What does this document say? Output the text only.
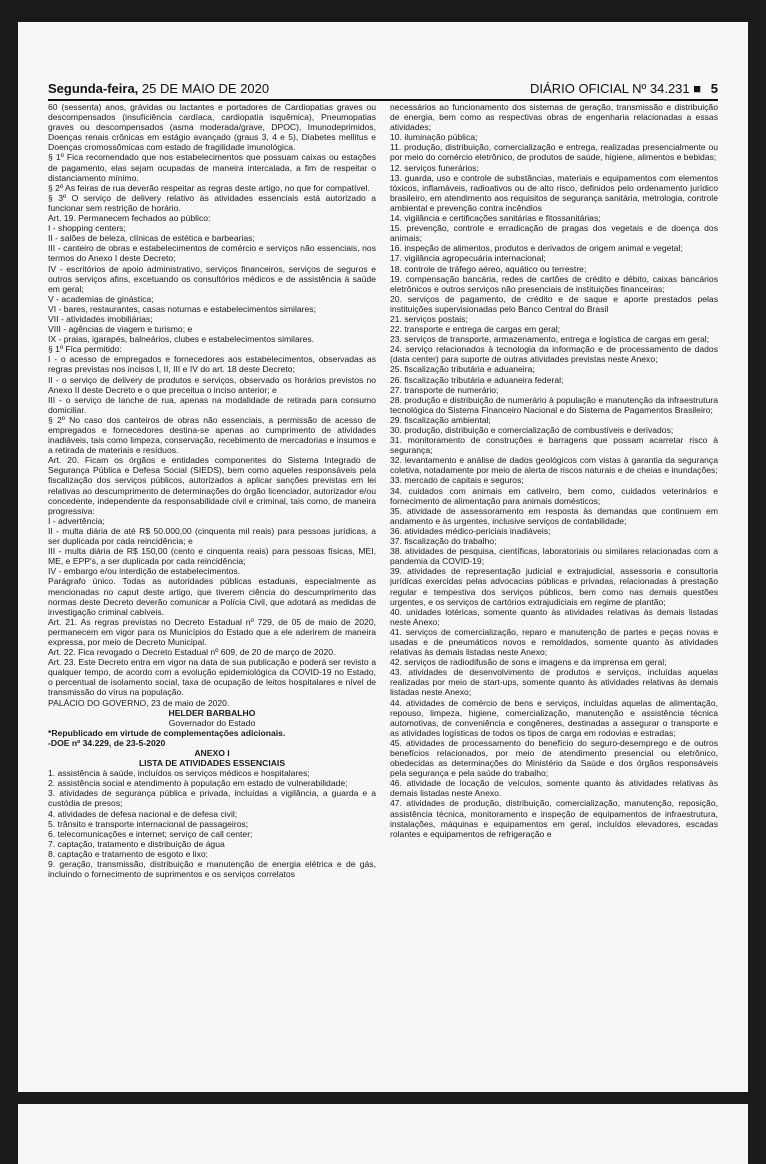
Segunda-feira, 25 DE MAIO DE 2020	DIÁRIO OFICIAL Nº 34.231 ■ 5

60 (sessenta) anos, grávidas ou lactantes e portadores de Cardiopatias graves ou descompensados (insuficiência cardíaca, cardiopatia isquêmica), Pneumopatias graves ou descompensados (asma moderada/grave, DPOC), Imunodeprimidos, Doenças renais crônicas em estágio avançado (graus 3, 4 e 5), Diabetes mellitus e Doenças cromossômicas com estado de fragilidade imunológica.

§ 1º Fica recomendado que nos estabelecimentos que possuam caixas ou estações de pagamento, elas sejam ocupadas de maneira intercalada, a fim de respeitar o distanciamento mínimo.

§ 2º As feiras de rua deverão respeitar as regras deste artigo, no que for compatível.

§ 3º O serviço de delivery relativo às atividades essenciais está autorizado a funcionar sem restrição de horário.

Art. 19. Permanecem fechados ao público:

I - shopping centers;

II - salões de beleza, clínicas de estética e barbearias;

III - canteiro de obras e estabelecimentos de comércio e serviços não essenciais, nos termos do Anexo I deste Decreto;

IV - escritórios de apoio administrativo, serviços financeiros, serviços de seguros e outros serviços afins, excetuando os consultórios médicos e de assistência à saúde em geral;

V - academias de ginástica;

VI - bares, restaurantes, casas noturnas e estabelecimentos similares;

VII - atividades imobiliárias;

VIII - agências de viagem e turismo; e

IX - praias, igarapés, balneários, clubes e estabelecimentos similares.

§ 1º Fica permitido:

I - o acesso de empregados e fornecedores aos estabelecimentos, observadas as regras previstas nos incisos I, II, III e IV do art. 18 deste Decreto;

II - o serviço de delivery de produtos e serviços, observado os horários previstos no Anexo II deste Decreto e o que preceitua o inciso anterior; e

III - o serviço de lanche de rua, apenas na modalidade de retirada para consumo domiciliar.

§ 2º No caso dos canteiros de obras não essenciais, a permissão de acesso de empregados e fornecedores destina-se apenas ao cumprimento de atividades inadiáveis, tais como limpeza, conservação, recebimento de mercadorias e insumos e a retirada de materiais e resíduos.

Art. 20. Ficam os órgãos e entidades componentes do Sistema Integrado de Segurança Pública e Defesa Social (SIEDS), bem como aqueles responsáveis pela fiscalização dos serviços públicos, autorizados a aplicar sanções previstas em lei relativas ao descumprimento de determinações do órgão licenciador, autorizador e/ou concedente, independente da responsabilidade civil e criminal, tais como, de maneira progressiva:

I - advertência;

II - multa diária de até R$ 50.000,00 (cinquenta mil reais) para pessoas jurídicas, a ser duplicada por cada reincidência; e

III - multa diária de R$ 150,00 (cento e cinquenta reais) para pessoas físicas, MEI, ME, e EPP's, a ser duplicada por cada reincidência;

IV - embargo e/ou interdição de estabelecimentos.

Parágrafo único. Todas as autoridades públicas estaduais, especialmente as mencionadas no caput deste artigo, que tiverem ciência do descumprimento das normas deste Decreto deverão comunicar a Polícia Civil, que adotará as medidas de investigação criminal cabíveis.

Art. 21. As regras previstas no Decreto Estadual nº 729, de 05 de maio de 2020, permanecem em vigor para os Municípios do Estado que a ele aderirem de maneira expressa, por meio de Decreto Municipal.

Art. 22. Fica revogado o Decreto Estadual nº 609, de 20 de março de 2020.

Art. 23. Este Decreto entra em vigor na data de sua publicação e poderá ser revisto a qualquer tempo, de acordo com a evolução epidemiológica da COVID-19 no Estado, o percentual de isolamento social, taxa de ocupação de leitos hospitalares e nível de transmissão do vírus na população.

PALÁCIO DO GOVERNO, 23 de maio de 2020.

HELDER BARBALHO

Governador do Estado

*Republicado em virtude de complementações adicionais.

-DOE nº 34.229, de 23-5-2020

ANEXO I

LISTA DE ATIVIDADES ESSENCIAIS

1. assistência à saúde, incluídos os serviços médicos e hospitalares;

2. assistência social e atendimento à população em estado de vulnerabilidade;

3. atividades de segurança pública e privada, incluídas a vigilância, a guarda e a custódia de presos;

4. atividades de defesa nacional e de defesa civil;

5. trânsito e transporte internacional de passageiros;

6. telecomunicações e internet; serviço de call center;

7. captação, tratamento e distribuição de água

8. captação e tratamento de esgoto e lixo;

9. geração, transmissão, distribuição e manutenção de energia elétrica e de gás, incluindo o fornecimento de suprimentos e os serviços correlatos

necessários ao funcionamento dos sistemas de geração, transmissão e distribuição de energia, bem como as respectivas obras de engenharia relacionadas a essas atividades;

10. iluminação pública;

11. produção, distribuição, comercialização e entrega, realizadas presencialmente ou por meio do comércio eletrônico, de produtos de saúde, higiene, alimentos e bebidas;

12. serviços funerários;

13. guarda, uso e controle de substâncias, materiais e equipamentos com elementos tóxicos, inflamáveis, radioativos ou de alto risco, definidos pelo ordenamento jurídico brasileiro, em atendimento aos requisitos de segurança sanitária, metrologia, controle ambiental e prevenção contra incêndios

14. vigilância e certificações sanitárias e fitossanitárias;

15. prevenção, controle e erradicação de pragas dos vegetais e de doença dos animais;

16. inspeção de alimentos, produtos e derivados de origem animal e vegetal;

17. vigilância agropecuária internacional;

18. controle de tráfego aéreo, aquático ou terrestre;

19. compensação bancária, redes de cartões de crédito e débito, caixas bancários eletrônicos e outros serviços não presenciais de instituições financeiras;

20. serviços de pagamento, de crédito e de saque e aporte prestados pelas instituições supervisionadas pelo Banco Central do Brasil

21. serviços postais;

22. transporte e entrega de cargas em geral;

23. serviços de transporte, armazenamento, entrega e logística de cargas em geral;

24. serviço relacionados à tecnologia da informação e de processamento de dados (data center) para suporte de outras atividades previstas neste Anexo;

25. fiscalização tributária e aduaneira;

26. fiscalização tributária e aduaneira federal;

27. transporte de numerário;

28. produção e distribuição de numerário à população e manutenção da infraestrutura tecnológica do Sistema Financeiro Nacional e do Sistema de Pagamentos Brasileiro;

29. fiscalização ambiental;

30. produção, distribuição e comercialização de combustíveis e derivados;

31. monitoramento de construções e barragens que possam acarretar risco à segurança;

32. levantamento e análise de dados geológicos com vistas à garantia da segurança coletiva, notadamente por meio de alerta de riscos naturais e de cheias e inundações;

33. mercado de capitais e seguros;

34. cuidados com animais em cativeiro, bem como, cuidados veterinários e fornecimento de alimentação para animais domésticos;

35. atividade de assessoramento em resposta às demandas que continuem em andamento e às urgentes, inclusive serviços de contabilidade;

36. atividades médico-periciais inadiáveis;

37. fiscalização do trabalho;

38. atividades de pesquisa, científicas, laboratoriais ou similares relacionadas com a pandemia da COVID-19;

39. atividades de representação judicial e extrajudicial, assessoria e consultoria jurídicas exercidas pelas advocacias públicas e privadas, relacionadas à prestação regular e tempestiva dos serviços públicos, bem como nas demais questões urgentes, e os serviços de cartórios extrajudiciais em regime de plantão;

40. unidades lotéricas, somente quanto às atividades relativas às demais listadas neste Anexo;

41. serviços de comercialização, reparo e manutenção de partes e peças novas e usadas e de pneumáticos novos e remoldados, somente quanto às atividades relativas às demais listadas neste Anexo;

42. serviços de radiodifusão de sons e imagens e da imprensa em geral;

43. atividades de desenvolvimento de produtos e serviços, incluídas aquelas realizadas por meio de start-ups, somente quanto às atividades relativas às demais listadas neste Anexo;

44. atividades de comércio de bens e serviços, incluídas aquelas de alimentação, repouso, limpeza, higiene, comercialização, manutenção e assistência técnica automotivas, de conveniência e congêneres, destinadas a assegurar o transporte e as atividades logísticas de todos os tipos de carga em rodovias e estradas;

45. atividades de processamento do benefício do seguro-desemprego e de outros benefícios relacionados, por meio de atendimento presencial ou eletrônico, obedecidas as determinações do Ministério da Saúde e dos órgãos responsáveis pela segurança e pela saúde do trabalho;

46. atividade de locação de veículos, somente quanto às atividades relativas às demais listadas neste Anexo.

47. atividades de produção, distribuição, comercialização, manutenção, reposição, assistência técnica, monitoramento e inspeção de equipamentos de infraestrutura, instalações, máquinas e equipamentos em geral, incluídos elevadores, escadas rolantes e equipamentos de refrigeração e
